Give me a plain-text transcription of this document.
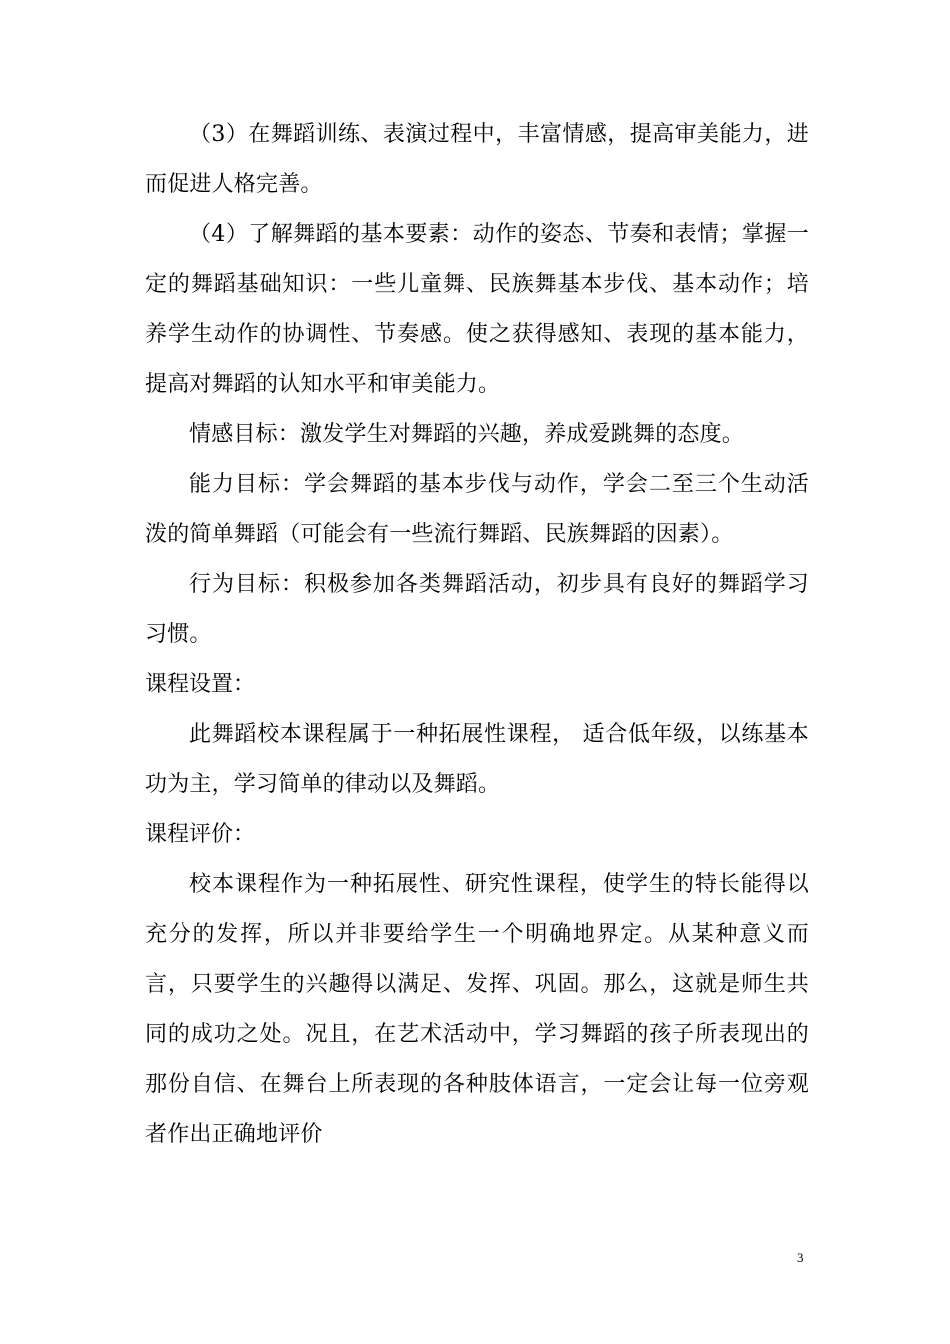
（3）在舞蹈训练、表演过程中，丰富情感，提高审美能力，进而促进人格完善。

（4）了解舞蹈的基本要素：动作的姿态、节奏和表情；掌握一定的舞蹈基础知识：一些儿童舞、民族舞基本步伐、基本动作；培养学生动作的协调性、节奏感。使之获得感知、表现的基本能力，提高对舞蹈的认知水平和审美能力。

情感目标：激发学生对舞蹈的兴趣，养成爱跳舞的态度。

能力目标：学会舞蹈的基本步伐与动作，学会二至三个生动活泼的简单舞蹈（可能会有一些流行舞蹈、民族舞蹈的因素）。

行为目标：积极参加各类舞蹈活动，初步具有良好的舞蹈学习习惯。

课程设置：

此舞蹈校本课程属于一种拓展性课程， 适合低年级，以练基本功为主，学习简单的律动以及舞蹈。

课程评价：

校本课程作为一种拓展性、研究性课程，使学生的特长能得以充分的发挥，所以并非要给学生一个明确地界定。从某种意义而言，只要学生的兴趣得以满足、发挥、巩固。那么，这就是师生共同的成功之处。况且，在艺术活动中，学习舞蹈的孩子所表现出的那份自信、在舞台上所表现的各种肢体语言，一定会让每一位旁观者作出正确地评价

3
